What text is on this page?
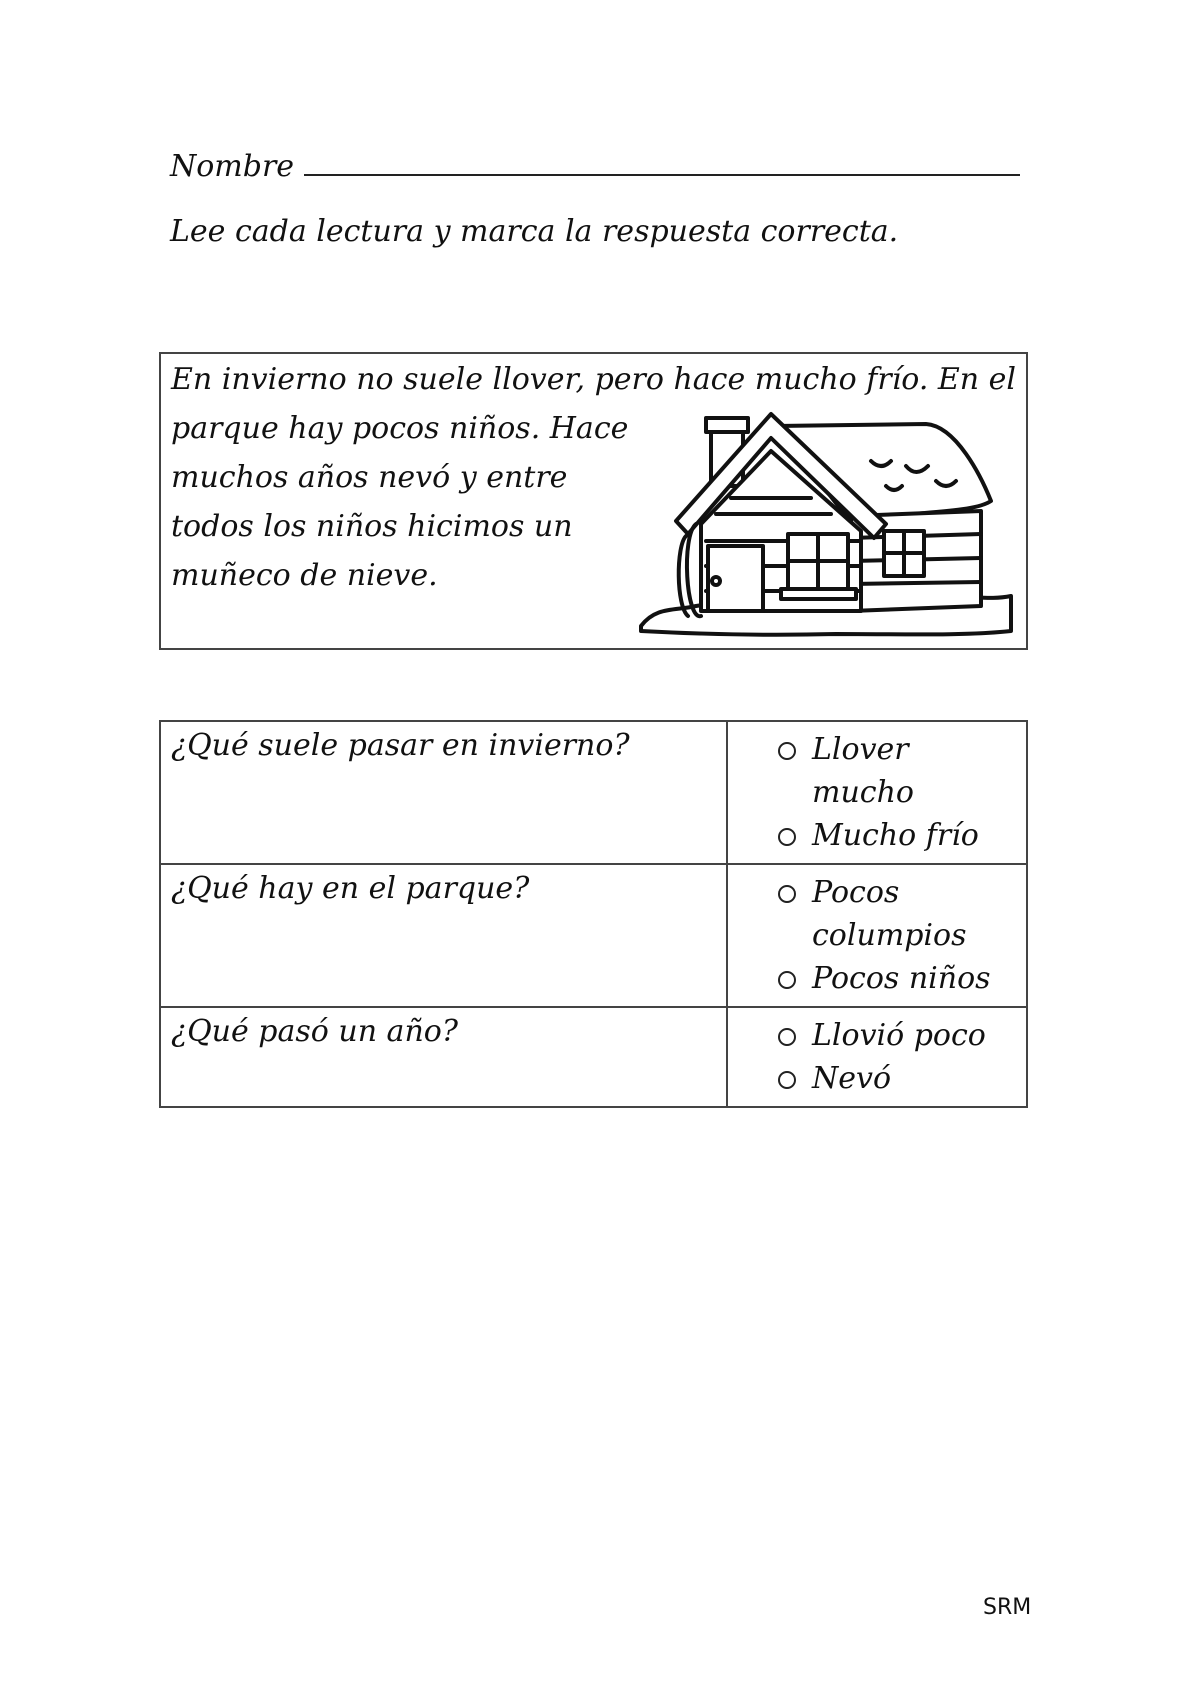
Nombre
Lee cada lectura y marca la respuesta correcta.
En invierno no suele llover, pero hace mucho frío. En el
parque hay pocos niños. Hace
muchos años nevó y entre
todos los niños hicimos un
muñeco de nieve.
¿Qué suele pasar en invierno?	Llover mucho
Mucho frío

¿Qué hay en el parque?	Pocos columpios
Pocos niños

¿Qué pasó un año?	Llovió poco
Nevó
SRM
